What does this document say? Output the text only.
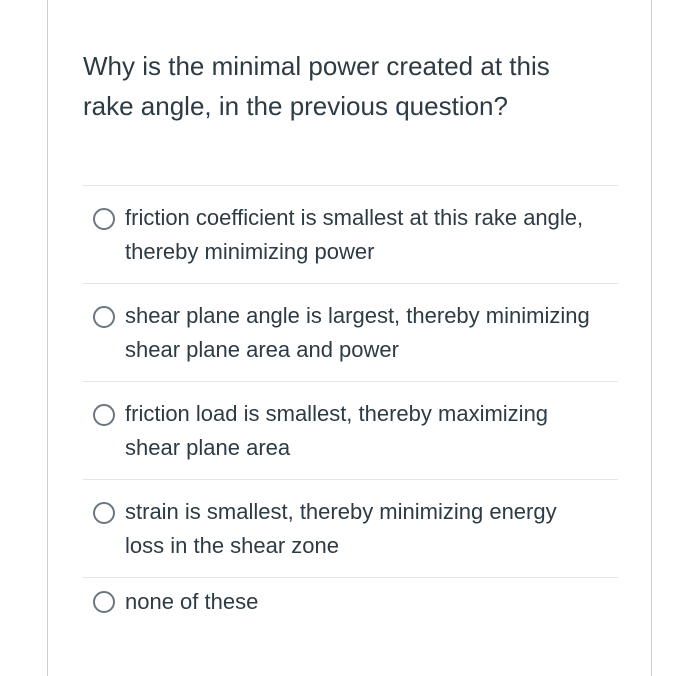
Why is the minimal power created at this rake angle, in the previous question?
friction coefficient is smallest at this rake angle, thereby minimizing power
shear plane angle is largest, thereby minimizing shear plane area and power
friction load is smallest, thereby maximizing shear plane area
strain is smallest, thereby minimizing energy loss in the shear zone
none of these
